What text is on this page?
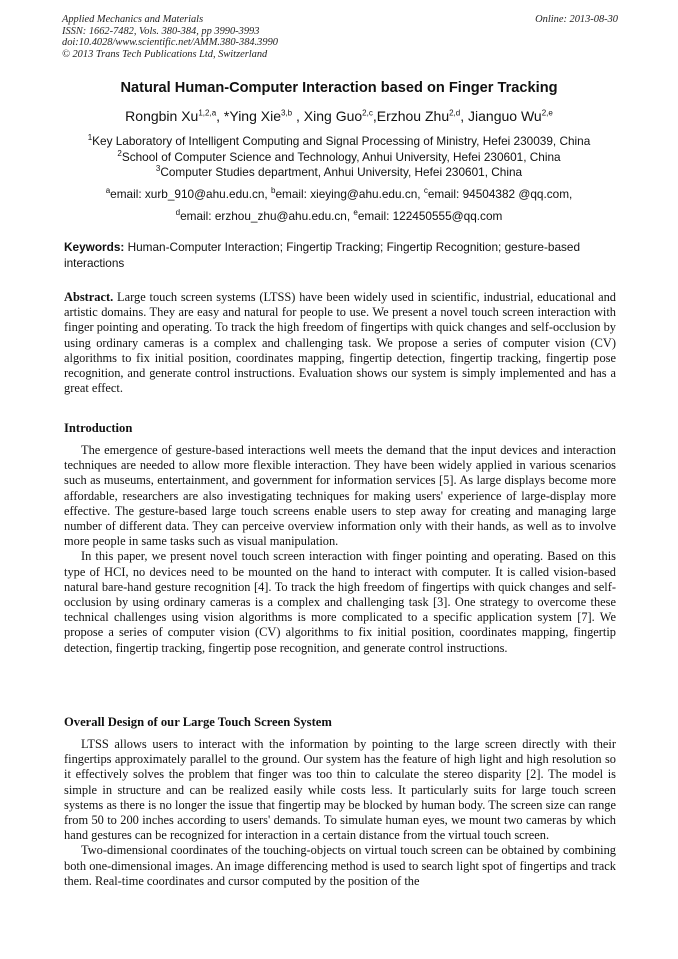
Applied Mechanics and Materials
ISSN: 1662-7482, Vols. 380-384, pp 3990-3993
doi:10.4028/www.scientific.net/AMM.380-384.3990
© 2013 Trans Tech Publications Ltd, Switzerland
Online: 2013-08-30
Natural Human-Computer Interaction based on Finger Tracking
Rongbin Xu$^{1,2,a}$, *Ying Xie$^{3,b}$ , Xing Guo$^{2,c}$,Erzhou Zhu$^{2,d}$, Jianguo Wu$^{2,e}$
$^1$Key Laboratory of Intelligent Computing and Signal Processing of Ministry, Hefei 230039, China
$^2$School of Computer Science and Technology, Anhui University, Hefei 230601, China
$^3$Computer Studies department, Anhui University, Hefei 230601, China
$^a$email: xurb_910@ahu.edu.cn, $^b$email: xieying@ahu.edu.cn, $^c$email: 94504382 @qq.com,
$^d$email: erzhou_zhu@ahu.edu.cn, $^e$email: 122450555@qq.com
Keywords: Human-Computer Interaction; Fingertip Tracking; Fingertip Recognition; gesture-based interactions

Abstract. Large touch screen systems (LTSS) have been widely used in scientific, industrial, educational and artistic domains. They are easy and natural for people to use. We present a novel touch screen interaction with finger pointing and operating. To track the high freedom of fingertips with quick changes and self-occlusion by using ordinary cameras is a complex and challenging task. We propose a series of computer vision (CV) algorithms to fix initial position, coordinates mapping, fingertip detection, fingertip tracking, fingertip pose recognition, and generate control instructions. Evaluation shows our system is simply implemented and has a great effect.

Introduction

The emergence of gesture-based interactions well meets the demand that the input devices and interaction techniques are needed to allow more flexible interaction. They have been widely applied in various scenarios such as museums, entertainment, and government for information services [5]. As large displays become more affordable, researchers are also investigating techniques for making users' experience of large-display more effective. The gesture-based large touch screens enable users to step away for creating and managing large number of different data. They can perceive overview information only with their hands, as well as to involve more people in same tasks such as visual manipulation.

In this paper, we present novel touch screen interaction with finger pointing and operating. Based on this type of HCI, no devices need to be mounted on the hand to interact with computer. It is called vision-based natural bare-hand gesture recognition [4]. To track the high freedom of fingertips with quick changes and self-occlusion by using ordinary cameras is a complex and challenging task [3]. One strategy to overcome these technical challenges using vision algorithms is more complicated to a specific application system [7]. We propose a series of computer vision (CV) algorithms to fix initial position, coordinates mapping, fingertip detection, fingertip tracking, fingertip pose recognition, and generate control instructions.

Overall Design of our Large Touch Screen System

LTSS allows users to interact with the information by pointing to the large screen directly with their fingertips approximately parallel to the ground. Our system has the feature of high light and high resolution so it effectively solves the problem that finger was too thin to calculate the stereo disparity [2]. The model is simple in structure and can be realized easily while costs less. It particularly suits for large touch screen systems as there is no longer the issue that fingertip may be blocked by human body. The screen size can range from 50 to 200 inches according to users' demands. To simulate human eyes, we mount two cameras by which hand gestures can be recognized for interaction in a certain distance from the virtual touch screen.

Two-dimensional coordinates of the touching-objects on virtual touch screen can be obtained by combining both one-dimensional images. An image differencing method is used to search light spot of fingertips and track them. Real-time coordinates and cursor computed by the position of the
